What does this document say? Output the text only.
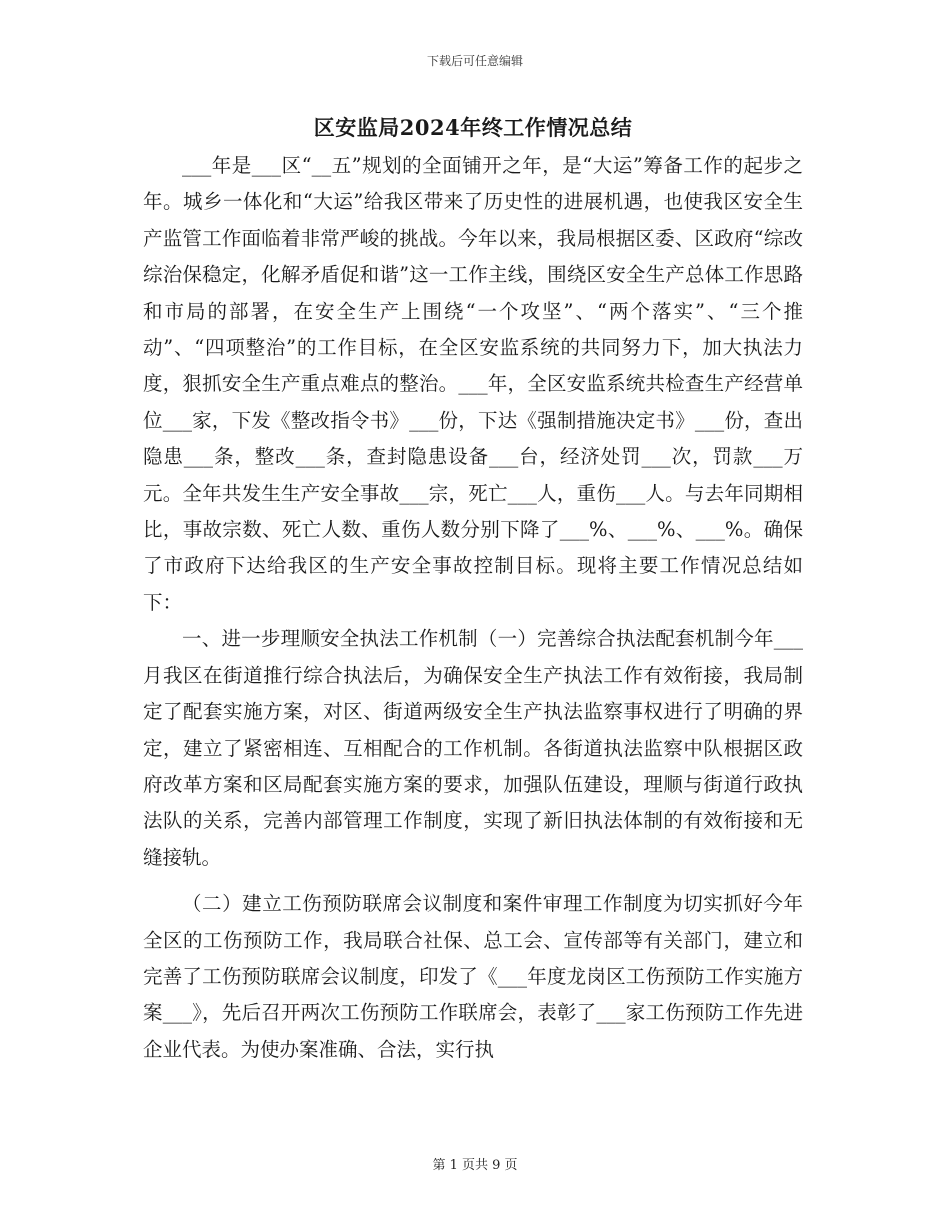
下载后可任意编辑
区安监局2024年终工作情况总结

___年是___区“__五”规划的全面铺开之年，是“大运”筹备工作的起步之年。城乡一体化和“大运”给我区带来了历史性的进展机遇，也使我区安全生产监管工作面临着非常严峻的挑战。今年以来，我局根据区委、区政府“综改综治保稳定，化解矛盾促和谐”这一工作主线，围绕区安全生产总体工作思路和市局的部署，在安全生产上围绕“一个攻坚”、“两个落实”、“三个推动”、“四项整治”的工作目标，在全区安监系统的共同努力下，加大执法力度，狠抓安全生产重点难点的整治。___年，全区安监系统共检查生产经营单位___家，下发《整改指令书》___份，下达《强制措施决定书》___份，查出隐患___条，整改___条，查封隐患设备___台，经济处罚___次，罚款___万元。全年共发生生产安全事故___宗，死亡___人，重伤___人。与去年同期相比，事故宗数、死亡人数、重伤人数分别下降了___%、___%、___%。确保了市政府下达给我区的生产安全事故控制目标。现将主要工作情况总结如下：

一、进一步理顺安全执法工作机制（一）完善综合执法配套机制今年___月我区在街道推行综合执法后，为确保安全生产执法工作有效衔接，我局制定了配套实施方案，对区、街道两级安全生产执法监察事权进行了明确的界定，建立了紧密相连、互相配合的工作机制。各街道执法监察中队根据区政府改革方案和区局配套实施方案的要求，加强队伍建设，理顺与街道行政执法队的关系，完善内部管理工作制度，实现了新旧执法体制的有效衔接和无缝接轨。

（二）建立工伤预防联席会议制度和案件审理工作制度为切实抓好今年全区的工伤预防工作，我局联合社保、总工会、宣传部等有关部门，建立和完善了工伤预防联席会议制度，印发了《___年度龙岗区工伤预防工作实施方案___》，先后召开两次工伤预防工作联席会，表彰了___家工伤预防工作先进企业代表。为使办案准确、合法，实行执

第 1 页共 9 页
